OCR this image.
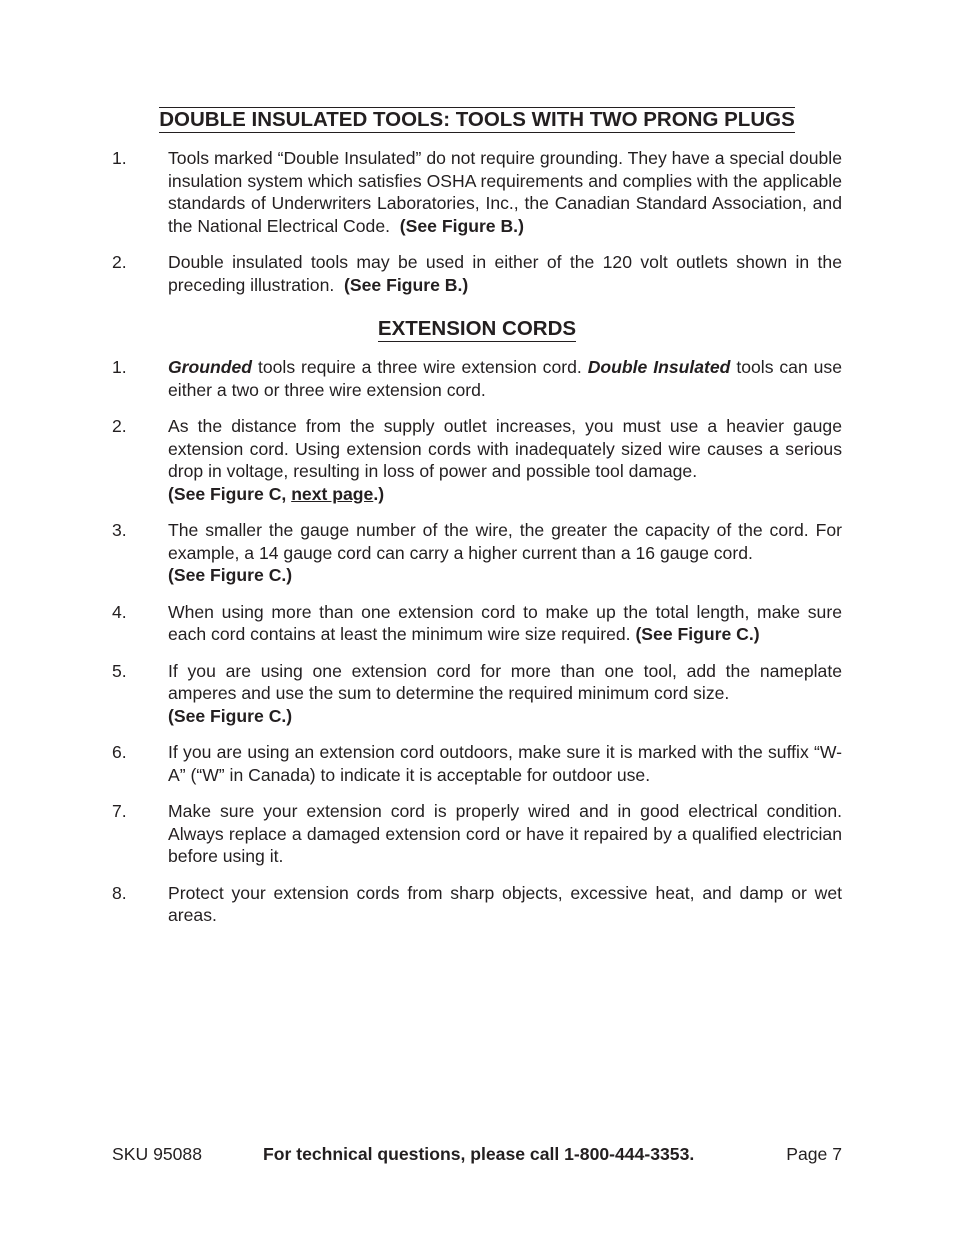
DOUBLE INSULATED TOOLS: TOOLS WITH TWO PRONG PLUGS
1. Tools marked “Double Insulated” do not require grounding. They have a special double insulation system which satisfies OSHA requirements and complies with the applicable standards of Underwriters Laboratories, Inc., the Canadian Standard Association, and the National Electrical Code. (See Figure B.)
2. Double insulated tools may be used in either of the 120 volt outlets shown in the preceding illustration. (See Figure B.)
EXTENSION CORDS
1. Grounded tools require a three wire extension cord. Double Insulated tools can use either a two or three wire extension cord.
2. As the distance from the supply outlet increases, you must use a heavier gauge extension cord. Using extension cords with inadequately sized wire causes a serious drop in voltage, resulting in loss of power and possible tool damage.
(See Figure C, next page.)
3. The smaller the gauge number of the wire, the greater the capacity of the cord. For example, a 14 gauge cord can carry a higher current than a 16 gauge cord.
(See Figure C.)
4. When using more than one extension cord to make up the total length, make sure each cord contains at least the minimum wire size required. (See Figure C.)
5. If you are using one extension cord for more than one tool, add the nameplate amperes and use the sum to determine the required minimum cord size.
(See Figure C.)
6. If you are using an extension cord outdoors, make sure it is marked with the suffix “W-A” (“W” in Canada) to indicate it is acceptable for outdoor use.
7. Make sure your extension cord is properly wired and in good electrical condition. Always replace a damaged extension cord or have it repaired by a qualified electrician before using it.
8. Protect your extension cords from sharp objects, excessive heat, and damp or wet areas.
SKU 95088	For technical questions, please call 1-800-444-3353.	Page 7
